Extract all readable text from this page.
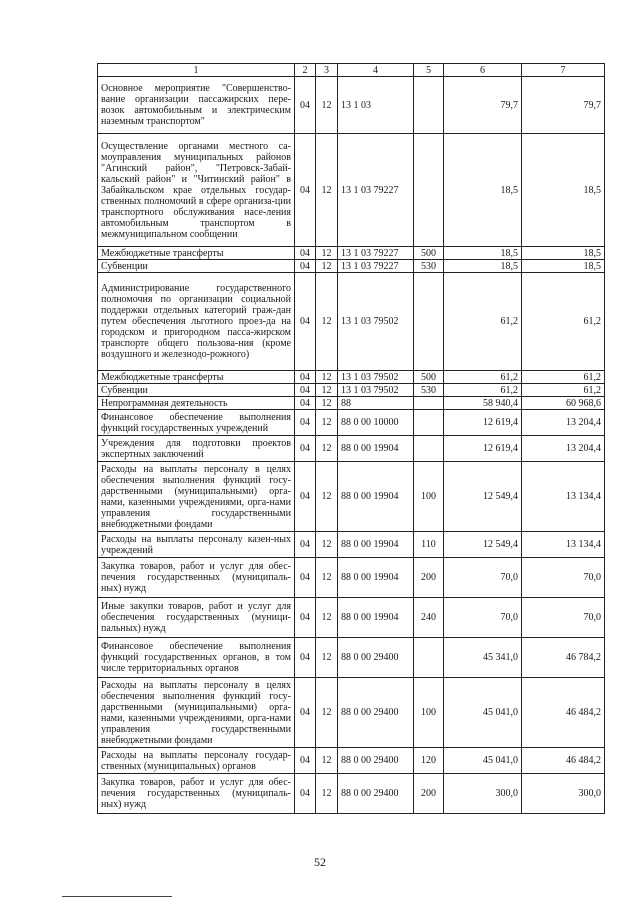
1	2	3	4	5	6	7
Основное мероприятие "Совершенство-вание организации пассажирских пере-возок автомобильным и электрическим наземным транспортом"	04	12	13 1 03		79,7	79,7
Осуществление органами местного са-моуправления муниципальных районов "Агинский район", "Петровск-Забай-кальский район" и "Читинский район" в Забайкальском крае отдельных государ-ственных полномочий в сфере организа-ции транспортного обслуживания насе-ления автомобильным транспортом в межмуниципальном сообщении	04	12	13 1 03 79227		18,5	18,5
Межбюджетные трансферты	04	12	13 1 03 79227	500	18,5	18,5
Субвенции	04	12	13 1 03 79227	530	18,5	18,5
Администрирование государственного полномочия по организации социальной поддержки отдельных категорий граж-дан путем обеспечения льготного проез-да на городском и пригородном пасса-жирском транспорте общего пользова-ния (кроме воздушного и железнодо-рожного)	04	12	13 1 03 79502		61,2	61,2
Межбюджетные трансферты	04	12	13 1 03 79502	500	61,2	61,2
Субвенции	04	12	13 1 03 79502	530	61,2	61,2
Непрограммная деятельность	04	12	88		58 940,4	60 968,6
Финансовое обеспечение выполнения функций государственных учреждений	04	12	88 0 00 10000		12 619,4	13 204,4
Учреждения для подготовки проектов экспертных заключений	04	12	88 0 00 19904		12 619,4	13 204,4
Расходы на выплаты персоналу в целях обеспечения выполнения функций госу-дарственными (муниципальными) орга-нами, казенными учреждениями, орга-нами управления государственными внебюджетными фондами	04	12	88 0 00 19904	100	12 549,4	13 134,4
Расходы на выплаты персоналу казен-ных учреждений	04	12	88 0 00 19904	110	12 549,4	13 134,4
Закупка товаров, работ и услуг для обес-печения государственных (муниципаль-ных) нужд	04	12	88 0 00 19904	200	70,0	70,0
Иные закупки товаров, работ и услуг для обеспечения государственных (муници-пальных) нужд	04	12	88 0 00 19904	240	70,0	70,0
Финансовое обеспечение выполнения функций государственных органов, в том числе территориальных органов	04	12	88 0 00 29400		45 341,0	46 784,2
Расходы на выплаты персоналу в целях обеспечения выполнения функций госу-дарственными (муниципальными) орга-нами, казенными учреждениями, орга-нами управления государственными внебюджетными фондами	04	12	88 0 00 29400	100	45 041,0	46 484,2
Расходы на выплаты персоналу государ-ственных (муниципальных) органов	04	12	88 0 00 29400	120	45 041,0	46 484,2
Закупка товаров, работ и услуг для обес-печения государственных (муниципаль-ных) нужд	04	12	88 0 00 29400	200	300,0	300,0
52
